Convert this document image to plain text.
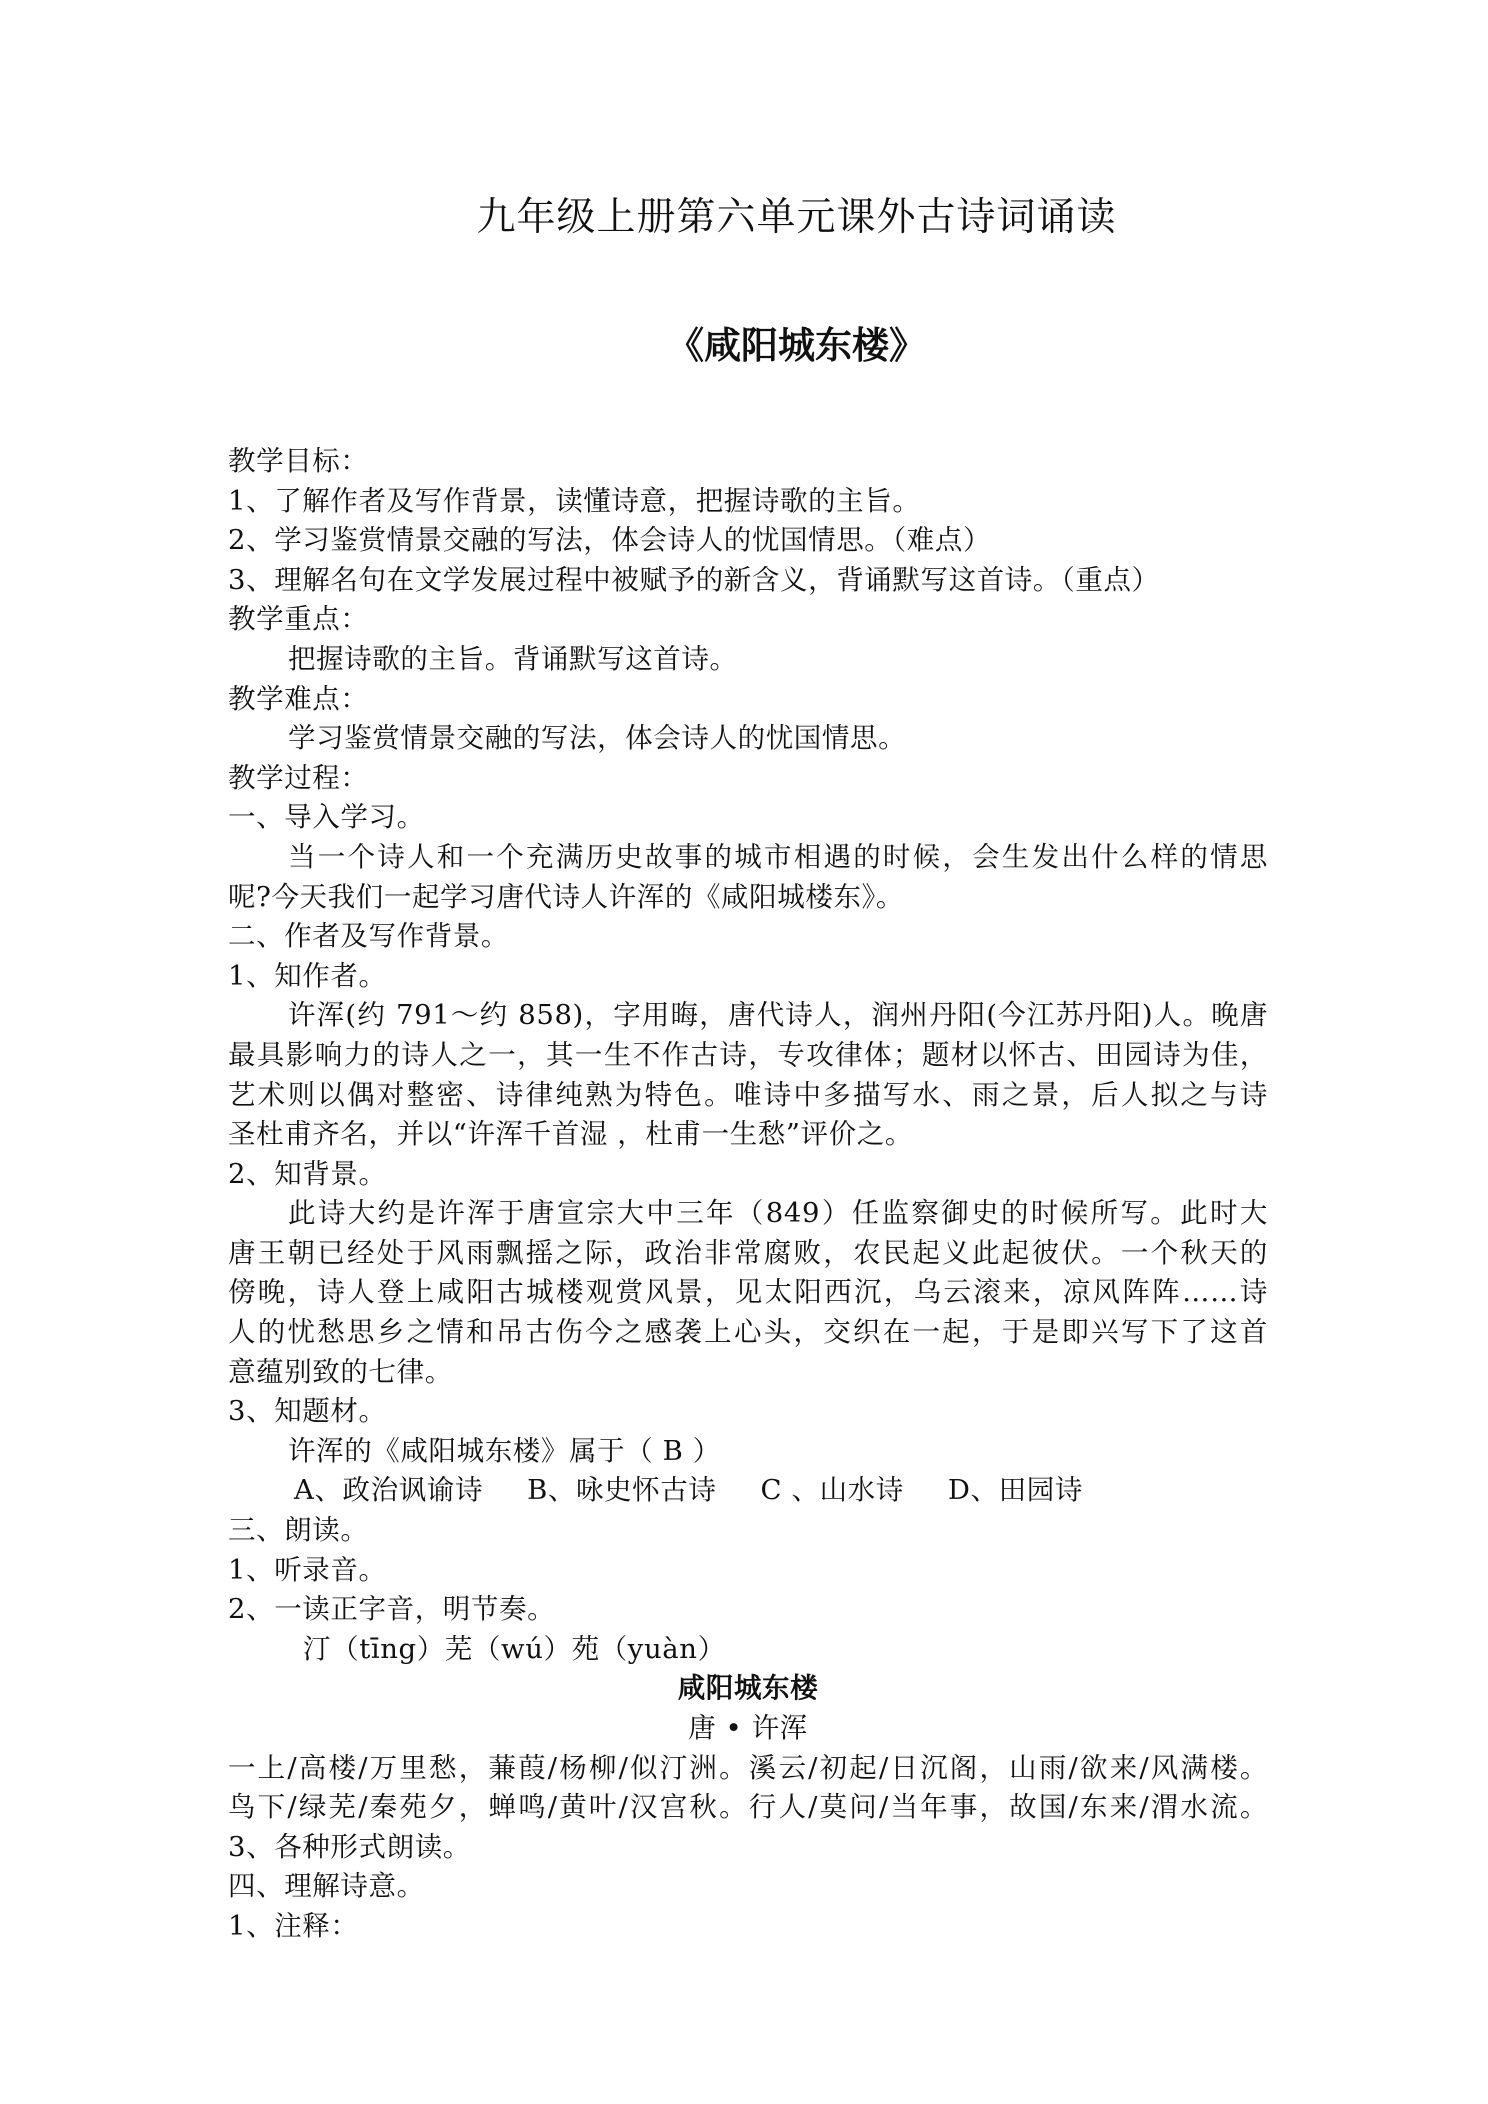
九年级上册第六单元课外古诗词诵读
《咸阳城东楼》
教学目标：
1、了解作者及写作背景，读懂诗意，把握诗歌的主旨。
2、学习鉴赏情景交融的写法，体会诗人的忧国情思。（难点）
3、理解名句在文学发展过程中被赋予的新含义，背诵默写这首诗。（重点）
教学重点：
把握诗歌的主旨。背诵默写这首诗。
教学难点：
学习鉴赏情景交融的写法，体会诗人的忧国情思。
教学过程：
一、导入学习。
当一个诗人和一个充满历史故事的城市相遇的时候，会生发出什么样的情思
呢?今天我们一起学习唐代诗人许浑的《咸阳城楼东》。
二、作者及写作背景。
1、知作者。
许浑(约 791～约 858)，字用晦，唐代诗人，润州丹阳(今江苏丹阳)人。晚唐
最具影响力的诗人之一，其一生不作古诗，专攻律体；题材以怀古、田园诗为佳，
艺术则以偶对整密、诗律纯熟为特色。唯诗中多描写水、雨之景，后人拟之与诗
圣杜甫齐名，并以“许浑千首湿 ，杜甫一生愁”评价之。
2、知背景。
此诗大约是许浑于唐宣宗大中三年（849）任监察御史的时候所写。此时大
唐王朝已经处于风雨飘摇之际，政治非常腐败，农民起义此起彼伏。一个秋天的
傍晚，诗人登上咸阳古城楼观赏风景，见太阳西沉，乌云滚来，凉风阵阵……诗
人的忧愁思乡之情和吊古伤今之感袭上心头，交织在一起，于是即兴写下了这首
意蕴别致的七律。
3、知题材。
许浑的《咸阳城东楼》属于（ B ）
A、政治讽谕诗 B、咏史怀古诗 C 、山水诗 D、田园诗
三、朗读。
1、听录音。
2、一读正字音，明节奏。
汀（tīng）芜（wú）苑（yuàn）
咸阳城东楼
唐 • 许浑
一上/高楼/万里愁，蒹葭/杨柳/似汀洲。溪云/初起/日沉阁，山雨/欲来/风满楼。
鸟下/绿芜/秦苑夕，蝉鸣/黄叶/汉宫秋。行人/莫问/当年事，故国/东来/渭水流。
3、各种形式朗读。
四、理解诗意。
1、注释：
